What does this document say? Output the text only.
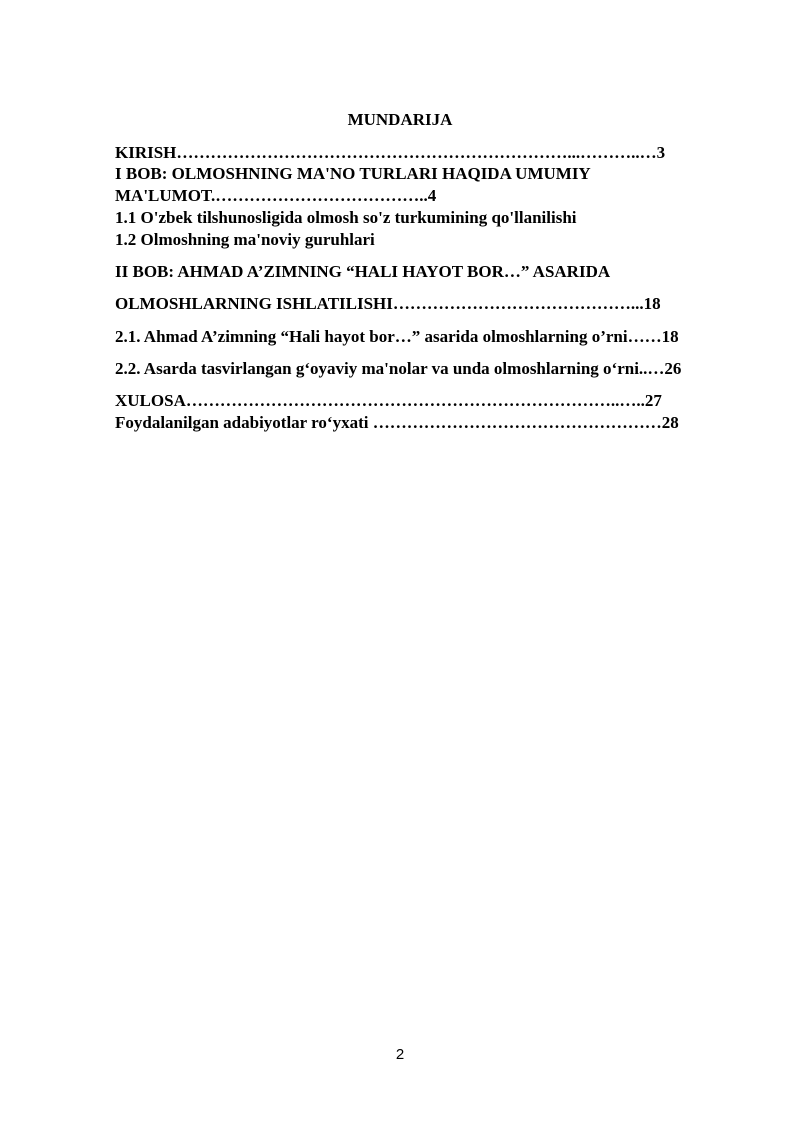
MUNDARIJA
KIRISH……………………………………………………………...………..…3
I BOB: OLMOSHNING MA'NO TURLARI HAQIDA UMUMIY
MA'LUMOT.………………………………..4
1.1 O'zbek tilshunosligida olmosh so'z turkumining qo'llanilishi
1.2 Olmoshning ma'noviy guruhlari
II BOB: AHMAD A’ZIMNING “HALI HAYOT BOR…” ASARIDA
OLMOSHLARNING ISHLATILISHI……………………………………...18
2.1. Ahmad A’zimning “Hali hayot bor…” asarida olmoshlarning o’rni……18
2.2. Asarda tasvirlangan g‘oyaviy ma'nolar va unda olmoshlarning o‘rni..…26
XULOSA…………………………………………………………………..…..27
Foydalanilgan adabiyotlar ro‘yxati ……………………………………………28
2
